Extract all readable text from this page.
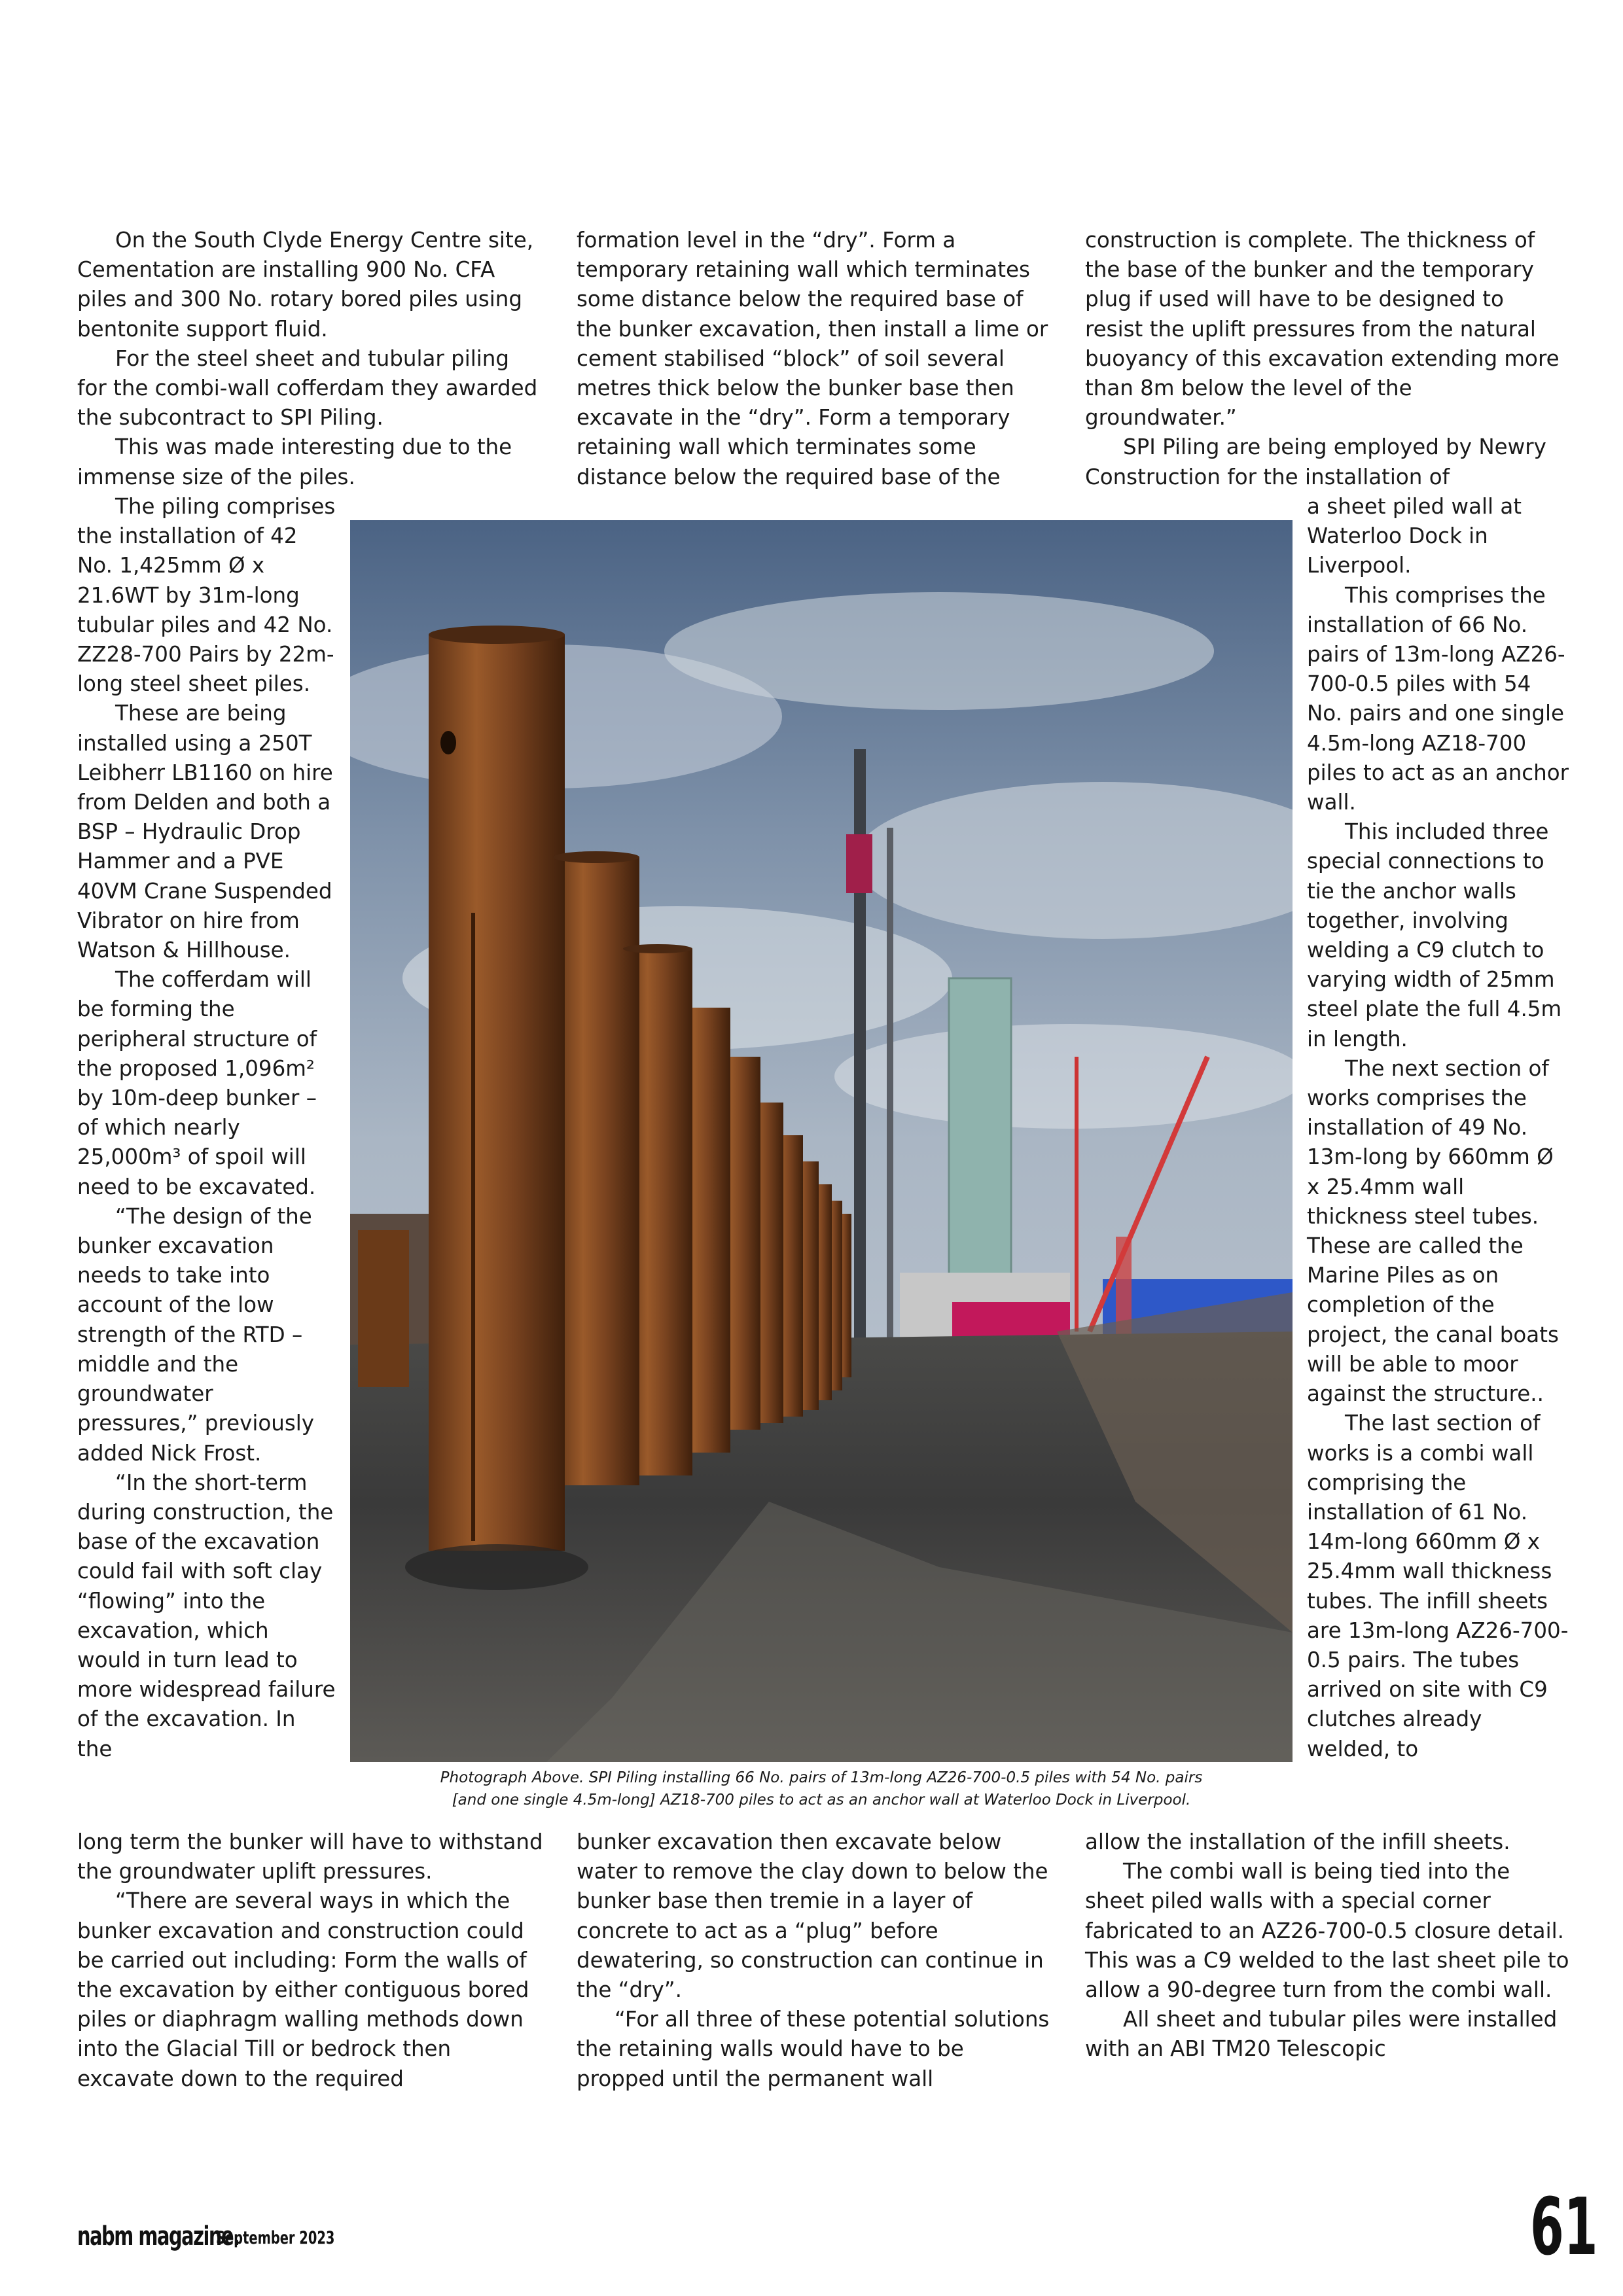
On the South Clyde Energy Centre site, Cementation are installing 900 No. CFA piles and 300 No. rotary bored piles using bentonite support fluid.

For the steel sheet and tubular piling for the combi-wall cofferdam they awarded the subcontract to SPI Piling.

This was made interesting due to the immense size of the piles.

The piling comprises the installation of 42 No. 1,425mm Ø x 21.6WT by 31m-long tubular piles and 42 No. ZZ28-700 Pairs by 22m-long steel sheet piles.

These are being installed using a 250T Leibherr LB1160 on hire from Delden and both a BSP – Hydraulic Drop Hammer and a PVE 40VM Crane Suspended Vibrator on hire from Watson & Hillhouse.

The cofferdam will be forming the peripheral structure of the proposed 1,096m² by 10m-deep bunker – of which nearly 25,000m³ of spoil will need to be excavated.

“The design of the bunker excavation needs to take into account of the low strength of the RTD – middle and the groundwater pressures,” previously added Nick Frost.

“In the short-term during construction, the base of the excavation could fail with soft clay “flowing” into the excavation, which would in turn lead to more widespread failure of the excavation. In the

long term the bunker will have to withstand the groundwater uplift pressures.

“There are several ways in which the bunker excavation and construction could be carried out including: Form the walls of the excavation by either contiguous bored piles or diaphragm walling methods down into the Glacial Till or bedrock then excavate down to the required

formation level in the “dry”. Form a temporary retaining wall which terminates some distance below the required base of the bunker excavation, then install a lime or cement stabilised “block” of soil several metres thick below the bunker base then excavate in the “dry”. Form a temporary retaining wall which terminates some distance below the required base of the

bunker excavation then excavate below water to remove the clay down to below the bunker base then tremie in a layer of concrete to act as a “plug” before dewatering, so construction can continue in the “dry”.

“For all three of these potential solutions the retaining walls would have to be propped until the permanent wall

construction is complete. The thickness of the base of the bunker and the temporary plug if used will have to be designed to resist the uplift pressures from the natural buoyancy of this excavation extending more than 8m below the level of the groundwater.”

SPI Piling are being employed by Newry Construction for the installation of

a sheet piled wall at Waterloo Dock in Liverpool.

This comprises the installation of 66 No. pairs of 13m-long AZ26-700-0.5 piles with 54 No. pairs and one single 4.5m-long AZ18-700 piles to act as an anchor wall.

This included three special connections to tie the anchor walls together, involving welding a C9 clutch to varying width of 25mm steel plate the full 4.5m in length.

The next section of works comprises the installation of 49 No. 13m-long by 660mm Ø x 25.4mm wall thickness steel tubes. These are called the Marine Piles as on completion of the project, the canal boats will be able to moor against the structure..

The last section of works is a combi wall comprising the installation of 61 No. 14m-long 660mm Ø x 25.4mm wall thickness tubes. The infill sheets are 13m-long AZ26-700-0.5 pairs. The tubes arrived on site with C9 clutches already welded, to

allow the installation of the infill sheets.

The combi wall is being tied into the sheet piled walls with a special corner fabricated to an AZ26-700-0.5 closure detail. This was a C9 welded to the last sheet pile to allow a 90-degree turn from the combi wall.

All sheet and tubular piles were installed with an ABI TM20 Telescopic

Photograph Above. SPI Piling installing 66 No. pairs of 13m-long AZ26-700-0.5 piles with 54 No. pairs

[and one single 4.5m-long] AZ18-700 piles to act as an anchor wall at Waterloo Dock in Liverpool.

nabm magazine.
September 2023	61
